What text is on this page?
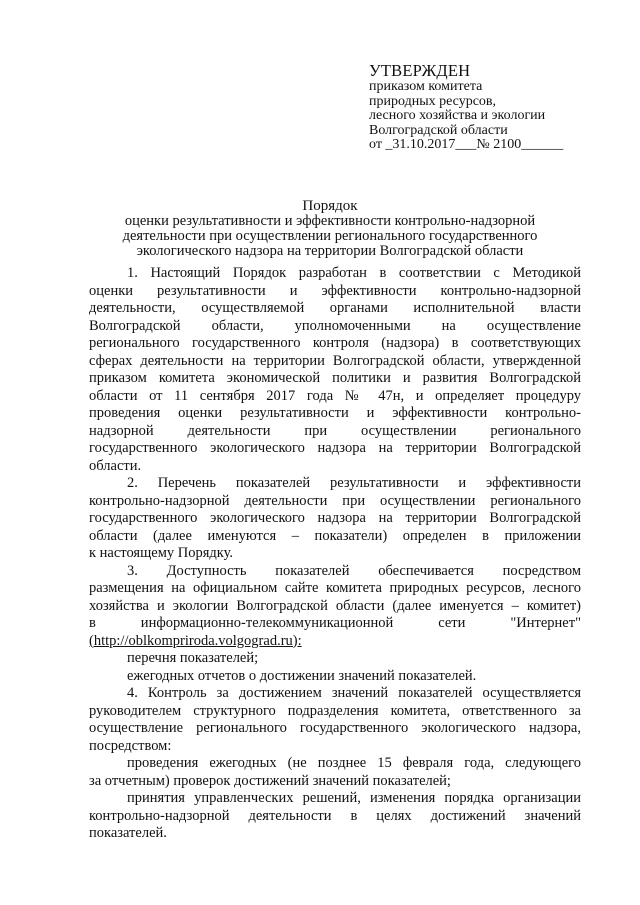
УТВЕРЖДЕН
приказом комитета
природных ресурсов,
лесного хозяйства и экологии
Волгоградской области
от _31.10.2017___№ 2100______
Порядок
оценки результативности и эффективности контрольно-надзорной
деятельности при осуществлении регионального государственного
экологического надзора на территории Волгоградской области
1. Настоящий Порядок разработан в соответствии с Методикой
оценки результативности и эффективности контрольно-надзорной
деятельности, осуществляемой органами исполнительной власти
Волгоградской области, уполномоченными на осуществление
регионального государственного контроля (надзора) в соответствующих
сферах деятельности на территории Волгоградской области, утвержденной
приказом комитета экономической политики и развития Волгоградской
области от 11 сентября 2017 года № 47н, и определяет процедуру
проведения оценки результативности и эффективности контрольно-
надзорной деятельности при осуществлении регионального
государственного экологического надзора на территории Волгоградской
области.
2. Перечень показателей результативности и эффективности
контрольно-надзорной деятельности при осуществлении регионального
государственного экологического надзора на территории Волгоградской
области (далее именуются – показатели) определен в приложении
к настоящему Порядку.
3. Доступность показателей обеспечивается посредством
размещения на официальном сайте комитета природных ресурсов, лесного
хозяйства и экологии Волгоградской области (далее именуется – комитет)
в информационно-телекоммуникационной сети "Интернет"
(http://oblkompriroda.volgograd.ru):
перечня показателей;
ежегодных отчетов о достижении значений показателей.
4. Контроль за достижением значений показателей осуществляется
руководителем структурного подразделения комитета, ответственного за
осуществление регионального государственного экологического надзора,
посредством:
проведения ежегодных (не позднее 15 февраля года, следующего
за отчетным) проверок достижений значений показателей;
принятия управленческих решений, изменения порядка организации
контрольно-надзорной деятельности в целях достижений значений
показателей.
